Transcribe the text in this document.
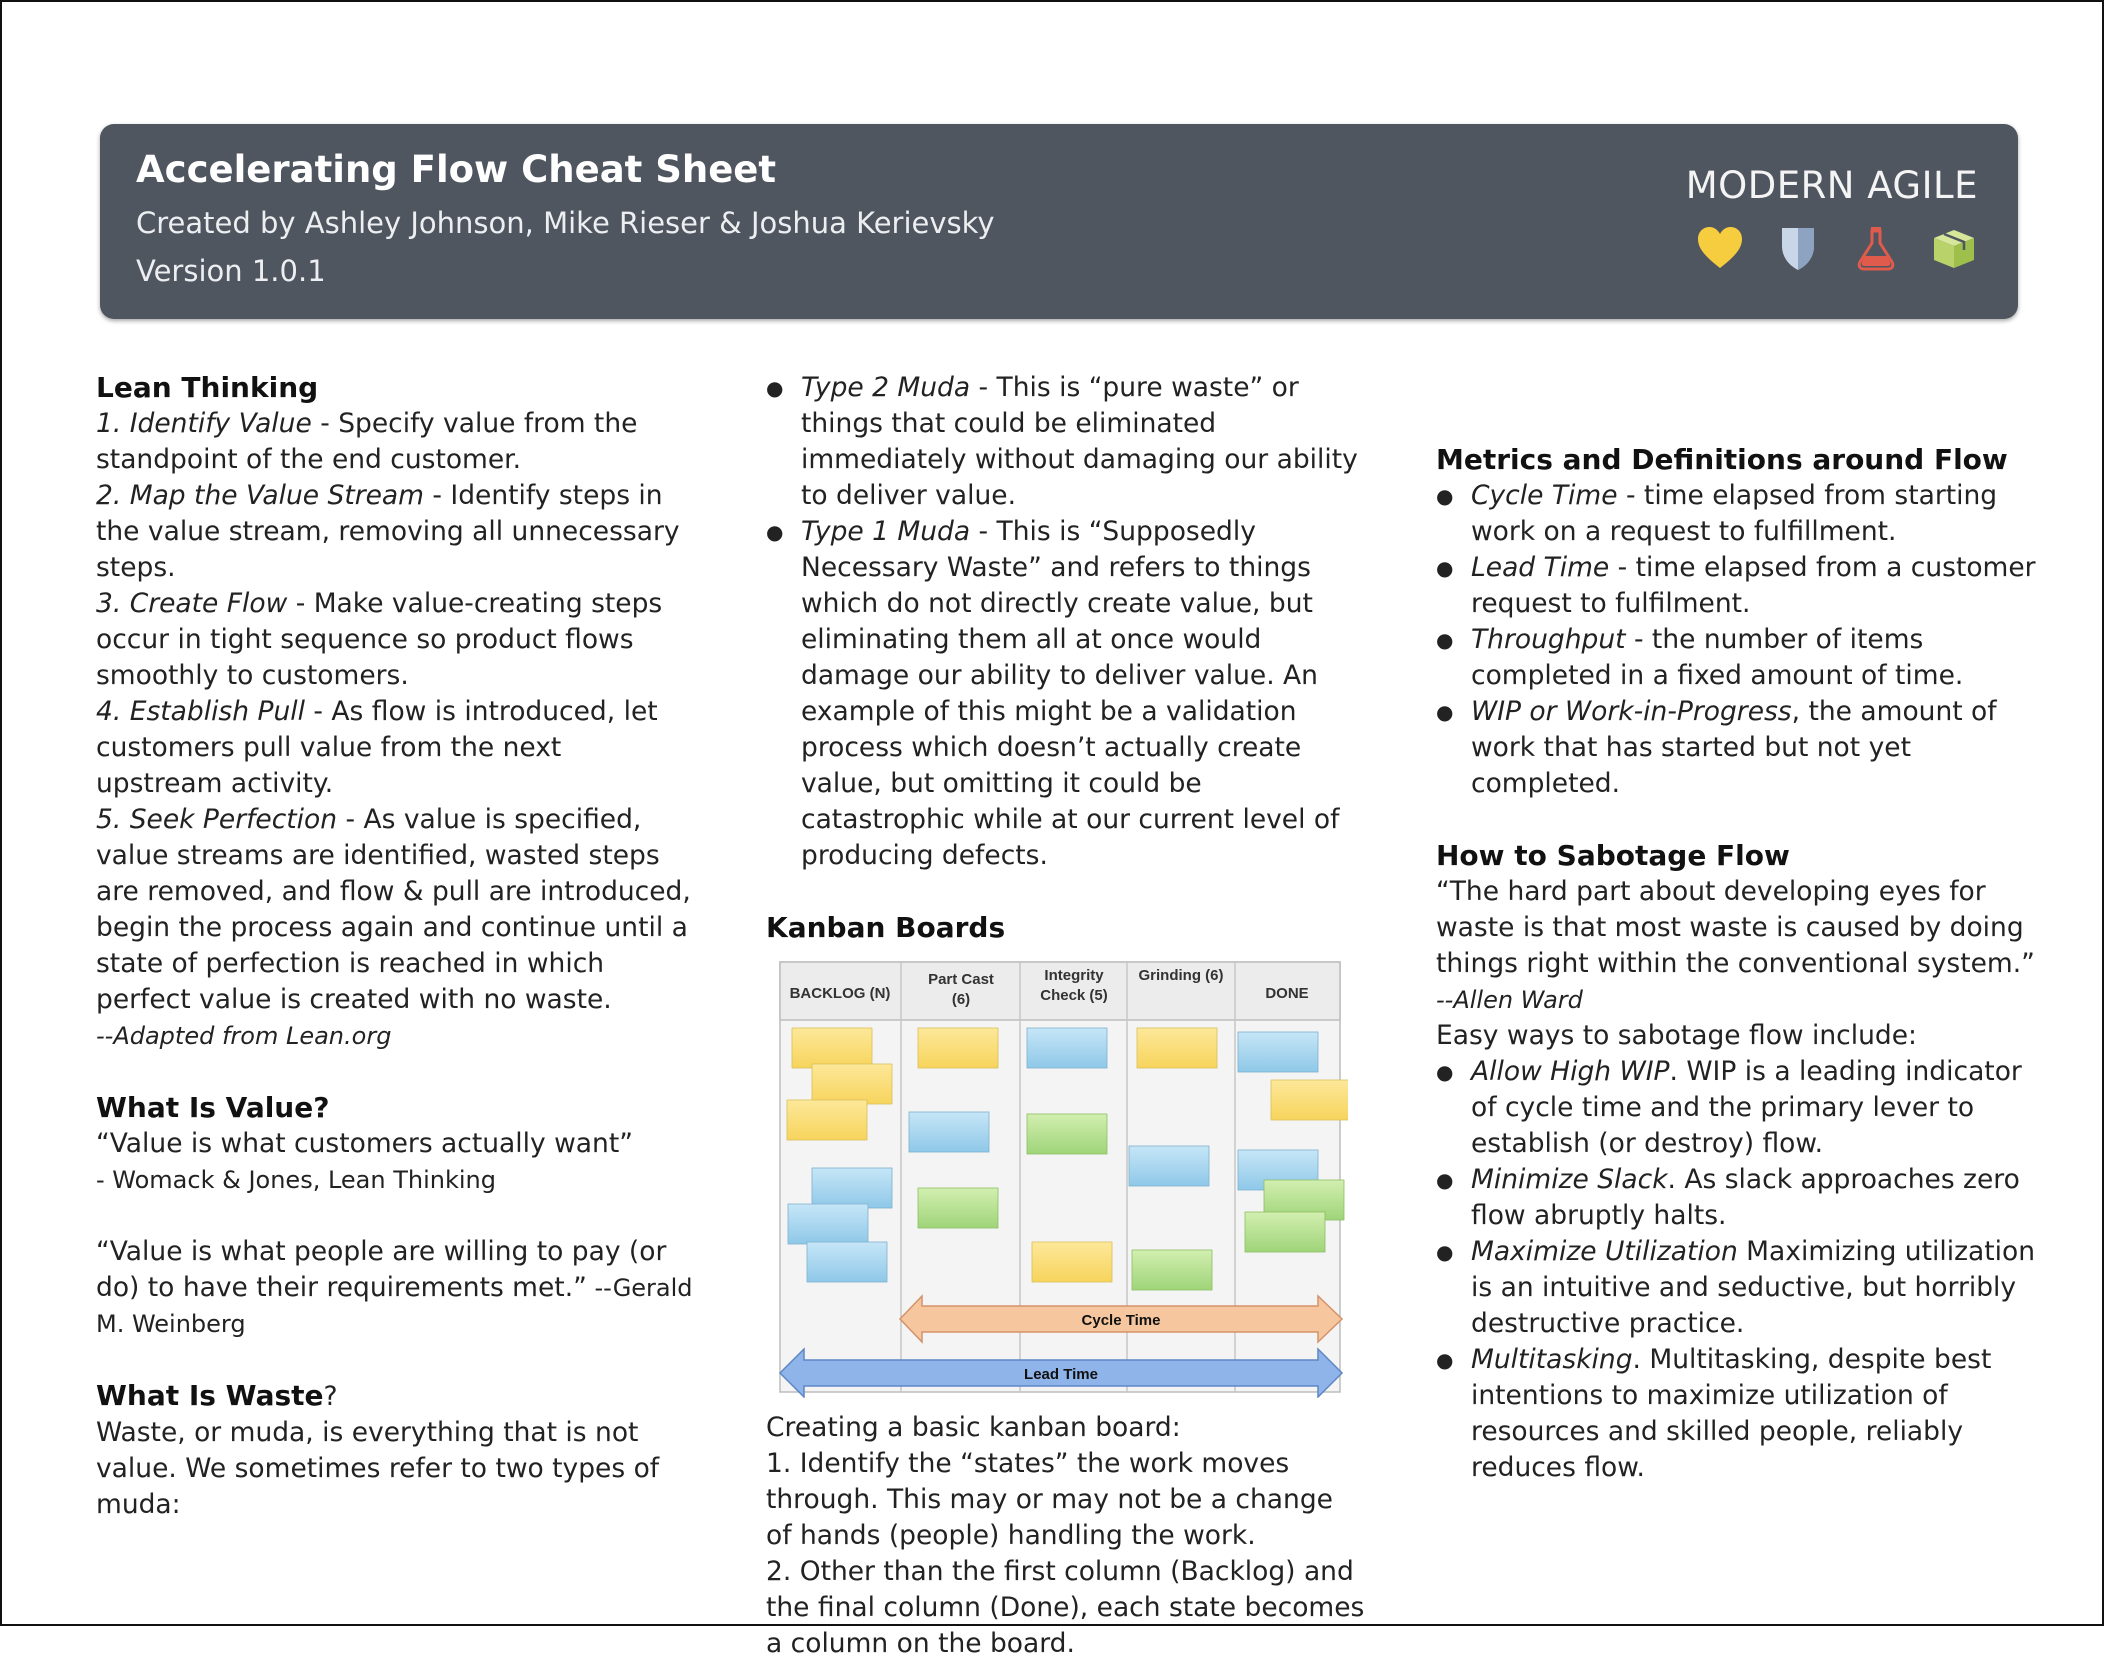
Accelerating Flow Cheat Sheet
Created by Ashley Johnson, Mike Rieser & Joshua Kerievsky
Version 1.0.1
MODERN AGILE
Lean Thinking
1. Identify Value - Specify value from the standpoint of the end customer.
2. Map the Value Stream - Identify steps in the value stream, removing all unnecessary steps.
3. Create Flow - Make value-creating steps occur in tight sequence so product flows smoothly to customers.
4. Establish Pull - As flow is introduced, let customers pull value from the next upstream activity.
5. Seek Perfection - As value is specified, value streams are identified, wasted steps are removed, and flow & pull are introduced, begin the process again and continue until a state of perfection is reached in which perfect value is created with no waste.
--Adapted from Lean.org
What Is Value?
“Value is what customers actually want”
- Womack & Jones, Lean Thinking
“Value is what people are willing to pay (or do) to have their requirements met.” --Gerald M. Weinberg
What Is Waste?
Waste, or muda, is everything that is not value. We sometimes refer to two types of muda:
● Type 2 Muda - This is “pure waste” or things that could be eliminated immediately without damaging our ability to deliver value.
● Type 1 Muda - This is “Supposedly Necessary Waste” and refers to things which do not directly create value, but eliminating them all at once would damage our ability to deliver value. An example of this might be a validation process which doesn’t actually create value, but omitting it could be catastrophic while at our current level of producing defects.
Kanban Boards
BACKLOG (N)
Part Cast
(6)
Integrity
Check (5)
Grinding (6)
DONE
Cycle Time
Lead Time
Creating a basic kanban board:
1. Identify the “states” the work moves through. This may or may not be a change of hands (people) handling the work.
2. Other than the first column (Backlog) and the final column (Done), each state becomes a column on the board.
Metrics and Definitions around Flow
● Cycle Time - time elapsed from starting work on a request to fulfillment.
● Lead Time - time elapsed from a customer request to fulfilment.
● Throughput - the number of items completed in a fixed amount of time.
● WIP or Work-in-Progress, the amount of work that has started but not yet completed.
How to Sabotage Flow
“The hard part about developing eyes for waste is that most waste is caused by doing things right within the conventional system.”
--Allen Ward
Easy ways to sabotage flow include:
● Allow High WIP. WIP is a leading indicator of cycle time and the primary lever to establish (or destroy) flow.
● Minimize Slack. As slack approaches zero flow abruptly halts.
● Maximize Utilization Maximizing utilization is an intuitive and seductive, but horribly destructive practice.
● Multitasking. Multitasking, despite best intentions to maximize utilization of resources and skilled people, reliably reduces flow.
